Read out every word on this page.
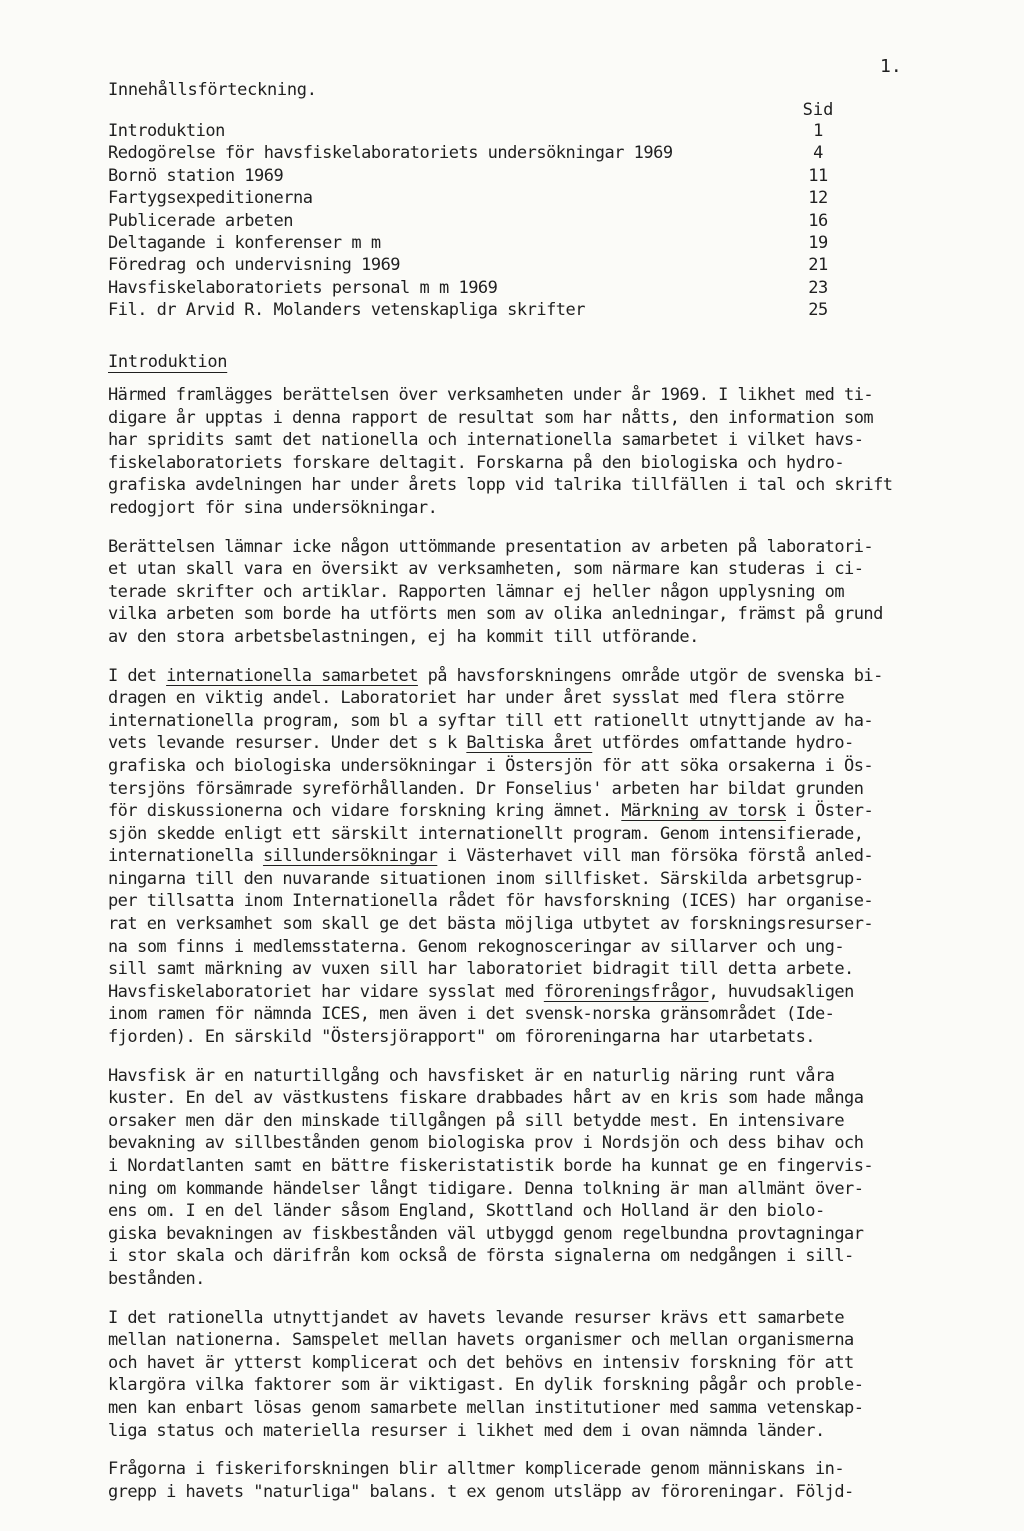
1.
Innehållsförteckning.
Sid
Introduktion	1
Redogörelse för havsfiskelaboratoriets undersökningar 1969	4
Bornö station 1969	11
Fartygsexpeditionerna	12
Publicerade arbeten	16
Deltagande i konferenser m m	19
Föredrag och undervisning 1969	21
Havsfiskelaboratoriets personal m m 1969	23
Fil. dr Arvid R. Molanders vetenskapliga skrifter	25
Introduktion
Härmed framlägges berättelsen över verksamheten under år 1969. I likhet med ti-
digare år upptas i denna rapport de resultat som har nåtts, den information som
har spridits samt det nationella och internationella samarbetet i vilket havs-
fiskelaboratoriets forskare deltagit. Forskarna på den biologiska och hydro-
grafiska avdelningen har under årets lopp vid talrika tillfällen i tal och skrift
redogjort för sina undersökningar.
Berättelsen lämnar icke någon uttömmande presentation av arbeten på laboratori-
et utan skall vara en översikt av verksamheten, som närmare kan studeras i ci-
terade skrifter och artiklar. Rapporten lämnar ej heller någon upplysning om
vilka arbeten som borde ha utförts men som av olika anledningar, främst på grund
av den stora arbetsbelastningen, ej ha kommit till utförande.
I det internationella samarbetet på havsforskningens område utgör de svenska bi-
dragen en viktig andel. Laboratoriet har under året sysslat med flera större
internationella program, som bl a syftar till ett rationellt utnyttjande av ha-
vets levande resurser. Under det s k Baltiska året utfördes omfattande hydro-
grafiska och biologiska undersökningar i Östersjön för att söka orsakerna i Ös-
tersjöns försämrade syreförhållanden. Dr Fonselius' arbeten har bildat grunden
för diskussionerna och vidare forskning kring ämnet. Märkning av torsk i Öster-
sjön skedde enligt ett särskilt internationellt program. Genom intensifierade,
internationella sillundersökningar i Västerhavet vill man försöka förstå anled-
ningarna till den nuvarande situationen inom sillfisket. Särskilda arbetsgrup-
per tillsatta inom Internationella rådet för havsforskning (ICES) har organise-
rat en verksamhet som skall ge det bästa möjliga utbytet av forskningsresurser-
na som finns i medlemsstaterna. Genom rekognosceringar av sillarver och ung-
sill samt märkning av vuxen sill har laboratoriet bidragit till detta arbete.
Havsfiskelaboratoriet har vidare sysslat med föroreningsfrågor, huvudsakligen
inom ramen för nämnda ICES, men även i det svensk-norska gränsområdet (Ide-
fjorden). En särskild "Östersjörapport" om föroreningarna har utarbetats.
Havsfisk är en naturtillgång och havsfisket är en naturlig näring runt våra
kuster. En del av västkustens fiskare drabbades hårt av en kris som hade många
orsaker men där den minskade tillgången på sill betydde mest. En intensivare
bevakning av sillbestånden genom biologiska prov i Nordsjön och dess bihav och
i Nordatlanten samt en bättre fiskeristatistik borde ha kunnat ge en fingervis-
ning om kommande händelser långt tidigare. Denna tolkning är man allmänt över-
ens om. I en del länder såsom England, Skottland och Holland är den biolo-
giska bevakningen av fiskbestånden väl utbyggd genom regelbundna provtagningar
i stor skala och därifrån kom också de första signalerna om nedgången i sill-
bestånden.
I det rationella utnyttjandet av havets levande resurser krävs ett samarbete
mellan nationerna. Samspelet mellan havets organismer och mellan organismerna
och havet är ytterst komplicerat och det behövs en intensiv forskning för att
klargöra vilka faktorer som är viktigast. En dylik forskning pågår och proble-
men kan enbart lösas genom samarbete mellan institutioner med samma vetenskap-
liga status och materiella resurser i likhet med dem i ovan nämnda länder.
Frågorna i fiskeriforskningen blir alltmer komplicerade genom människans in-
grepp i havets "naturliga" balans. t ex genom utsläpp av föroreningar. Följd-
